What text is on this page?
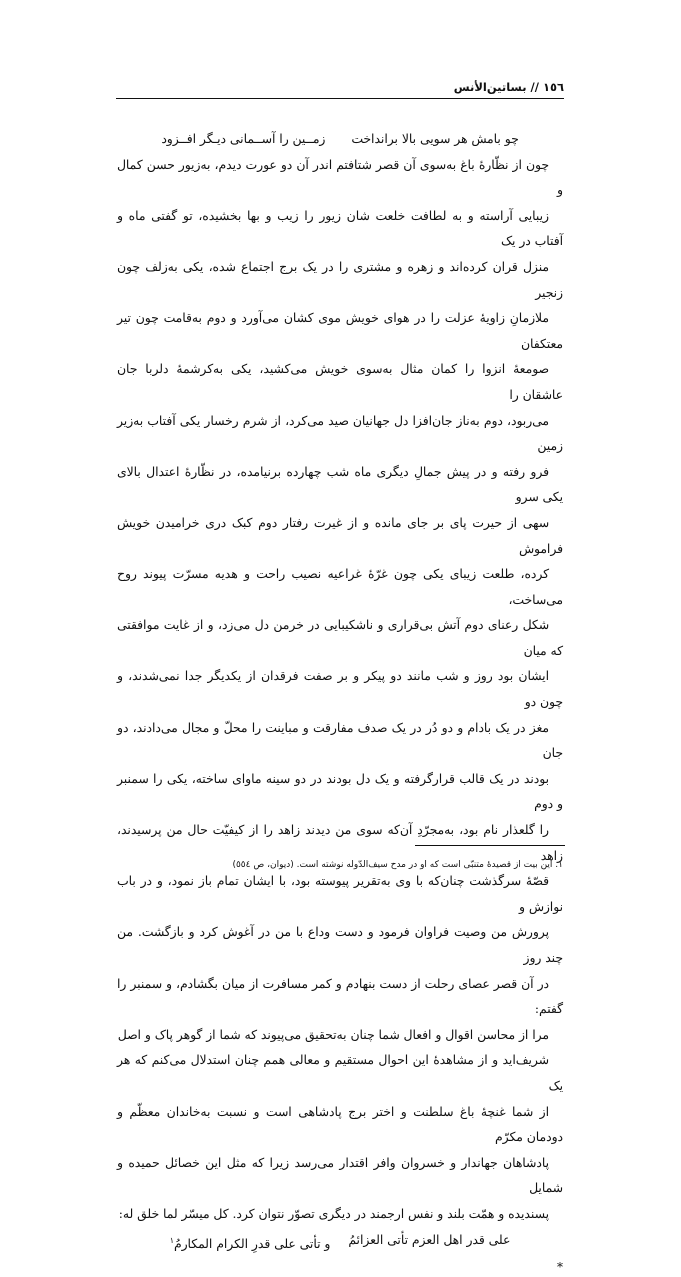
١٥٦ // بساتين‌الأنس
چو بامش هر سویی بالا برانداخت
زمــین را آســمانی دیـگر افــزود

چون از نظّارهٔ باغ به‌سوی آن قصر شتافتم اندر آن دو عورت دیدم، به‌زیور حسن کمال و
زیبایی آراسته و به لطافت خلعت شان زیور را زیب و بها بخشیده، تو گفتی ماه و آفتاب در یک
منزل قران کرده‌اند و زهره و مشتری را در یک برج اجتماع شده، یکی به‌زلف چون زنجیر
ملازمانِ زاویهٔ عزلت را در هوای خویش موی کشان می‌آورد و دوم به‌قامت چون تیر معتکفان
صومعهٔ انزوا را کمان مثال به‌سوی خویش می‌کشید، یکی به‌کرشمهٔ دلربا جان عاشقان را
می‌ربود، دوم به‌ناز جان‌افزا دل جهانیان صید می‌کرد، از شرم رخسار یکی آفتاب به‌زیر زمین
فرو رفته و در پیش جمالِ دیگری ماه شب چهارده برنیامده، در نظّارهٔ اعتدال بالای یکی سرو
سهی از حیرت پای بر جای مانده و از غیرت رفتار دوم کبک دری خرامیدن خویش فراموش
کرده، طلعت زیبای یکی چون غرّهٔ غراعیه نصیب راحت و هدیه مسرّت پیوند روح می‌ساخت،
شکل رعنای دوم آتش بی‌قراری و ناشکیبایی در خرمن دل می‌زد، و از غایت موافقتی که میان
ایشان بود روز و شب مانند دو پیکر و بر صفت فرقدان از یکدیگر جدا نمی‌شدند، و چون دو
مغز در یک بادام و دو دُر در یک صدف مفارقت و مباینت را محلّ و مجال می‌دادند، دو جان
بودند در یک قالب قرارگرفته و یک دل بودند در دو سینه ماوای ساخته، یکی را سمنبر و دوم
را گلعذار نام بود، به‌مجرّدِ آن‌که سوی من دیدند زاهد را از کیفیّت حال من پرسیدند، زاهد
قصّهٔ سرگذشت چنان‌که با وی به‌تقریر پیوسته بود، با ایشان تمام باز نمود، و در باب نوازش و
پرورش من وصیت فراوان فرمود و دست وداع با من در آغوش کرد و بازگشت. من چند روز
در آن قصر عصای رحلت از دست بنهادم و کمر مسافرت از میان بگشادم، و سمنبر را گفتم:
مرا از محاسن اقوال و افعال شما چنان به‌تحقیق می‌پیوند که شما از گوهر پاک و اصل
شریف‌اید و از مشاهدهٔ این احوال مستقیم و معالی همم چنان استدلال می‌کنم که هر یک
از شما غنچهٔ باغ سلطنت و اختر برج پادشاهی است و نسبت به‌خاندان معظّم و دودمان مکرّم
پادشاهان جهاندار و خسروان وافر اقتدار می‌رسد زیرا که مثل این خصائل حمیده و شمایل
پسندیده و همّت بلند و نفس ارجمند در دیگری تصوّر نتوان کرد. کل میسّر لما خلق له:

علی قدر اهل العزم تأتی العزائمُ
و تأتی علی قدرِ الکرام المکارمُ$^١$
*
١. این بیت از قصیدهٔ متنبّی است که او در مدح سیف‌الدّوله نوشته است. (دیوان، ص ٥٥٤)
